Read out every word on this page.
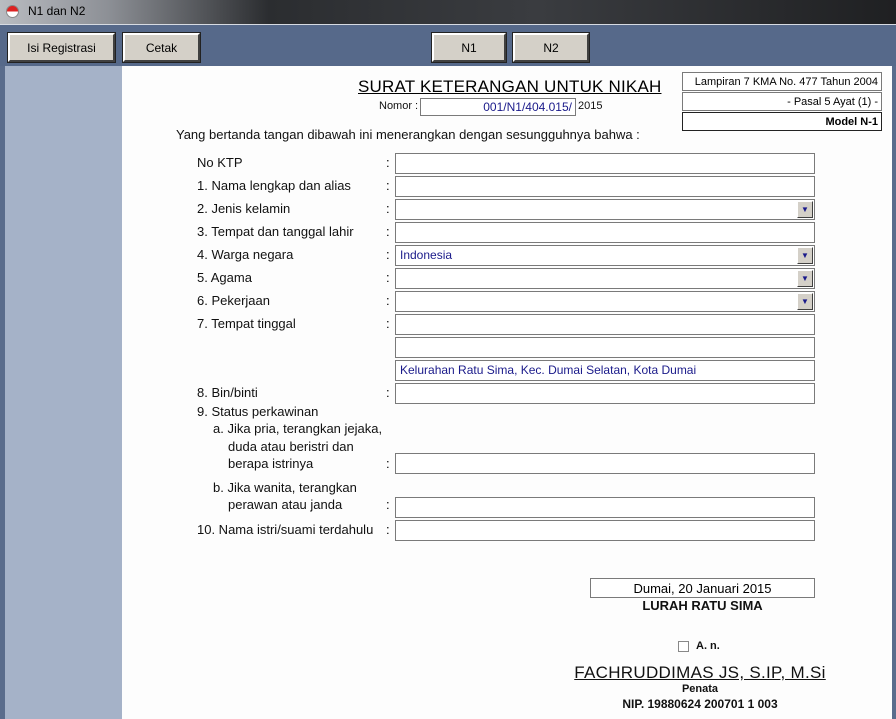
N1 dan N2
Isi Registrasi	Cetak	N1	N2
SURAT KETERANGAN UNTUK NIKAH
Nomor :	001/N1/404.015/ 2015
Lampiran 7 KMA No. 477 Tahun 2004
- Pasal 5 Ayat (1) -
Model N-1
Yang bertanda tangan dibawah ini menerangkan dengan sesungguhnya bahwa :
No KTP	:
1. Nama lengkap dan alias	:
2. Jenis kelamin	:	▼
3. Tempat dan tanggal lahir :
4. Warga negara	: Indonesia	▼
5. Agama	:	▼
6. Pekerjaan	:	▼
7. Tempat tinggal	:
Kelurahan Ratu Sima, Kec. Dumai Selatan, Kota Dumai
8. Bin/binti	:
9. Status perkawinan
a. Jika pria, terangkan jejaka,
duda atau beristri dan
berapa istrinya	:
b. Jika wanita, terangkan
perawan atau janda	:
10. Nama istri/suami terdahulu :
Dumai, 20 Januari 2015
LURAH RATU SIMA
A. n.
FACHRUDDIMAS JS, S.IP, M.Si
Penata
NIP. 19880624 200701 1 003
